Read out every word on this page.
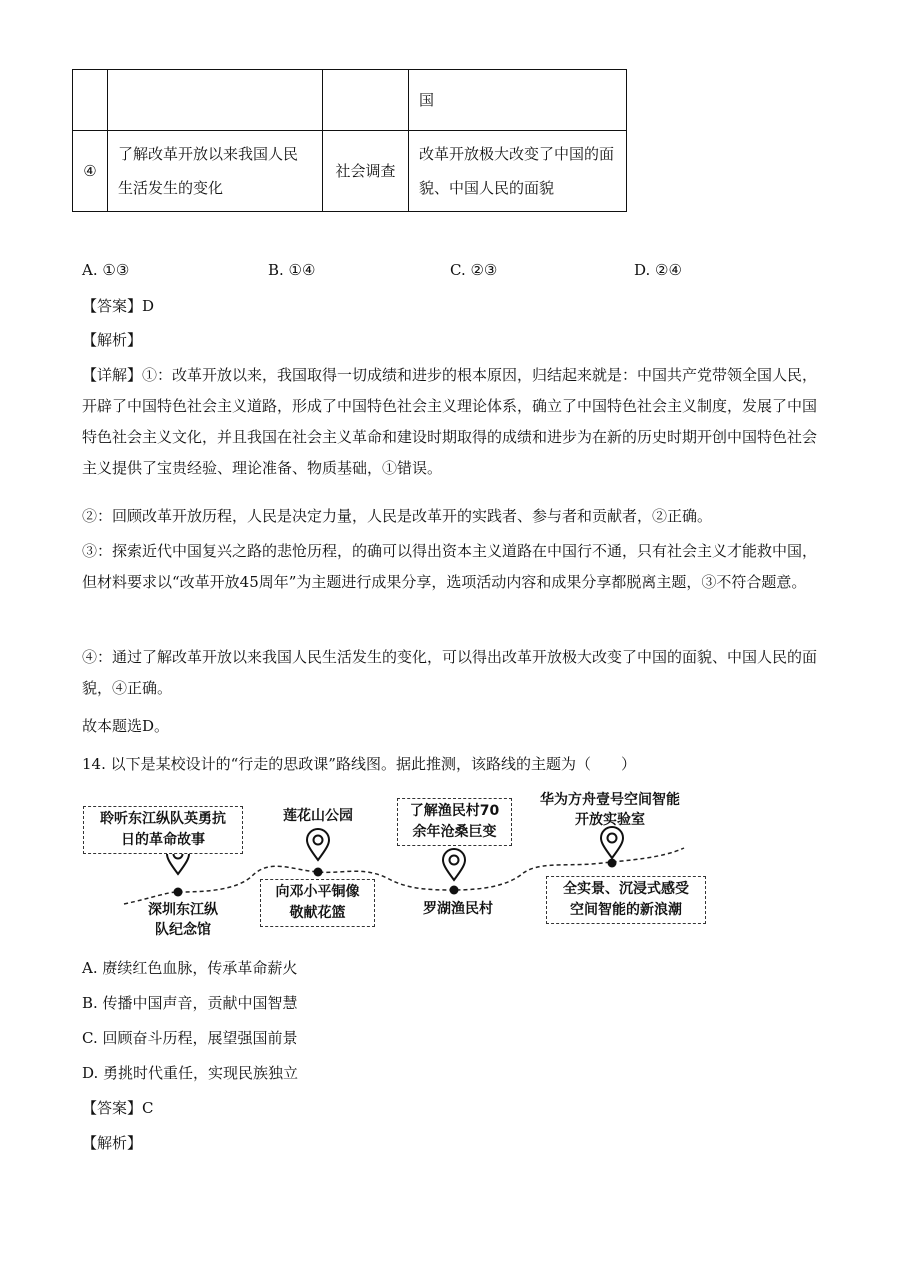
			国
④	了解改革开放以来我国人民生活发生的变化	社会调查	改革开放极大改变了中国的面貌、中国人民的面貌
A. ①③	B. ①④	C. ②③	D. ②④
【答案】D
【解析】
【详解】①：改革开放以来，我国取得一切成绩和进步的根本原因，归结起来就是：中国共产党带领全国人民，开辟了中国特色社会主义道路，形成了中国特色社会主义理论体系，确立了中国特色社会主义制度，发展了中国特色社会主义文化，并且我国在社会主义革命和建设时期取得的成绩和进步为在新的历史时期开创中国特色社会主义提供了宝贵经验、理论准备、物质基础，①错误。
②：回顾改革开放历程，人民是决定力量，人民是改革开的实践者、参与者和贡献者，②正确。
③：探索近代中国复兴之路的悲怆历程，的确可以得出资本主义道路在中国行不通，只有社会主义才能救中国，但材料要求以“改革开放45周年”为主题进行成果分享，选项活动内容和成果分享都脱离主题，③不符合题意。
④：通过了解改革开放以来我国人民生活发生的变化，可以得出改革开放极大改变了中国的面貌、中国人民的面貌，④正确。
故本题选D。
14. 以下是某校设计的“行走的思政课”路线图。据此推测，该路线的主题为（　　）
聆听东江纵队英勇抗日的革命故事
深圳东江纵队纪念馆
莲花山公园
向邓小平铜像敬献花篮
了解渔民村70余年沧桑巨变
罗湖渔民村
华为方舟壹号空间智能开放实验室
全实景、沉浸式感受空间智能的新浪潮
A. 赓续红色血脉，传承革命薪火
B. 传播中国声音，贡献中国智慧
C. 回顾奋斗历程，展望强国前景
D. 勇挑时代重任，实现民族独立
【答案】C
【解析】
